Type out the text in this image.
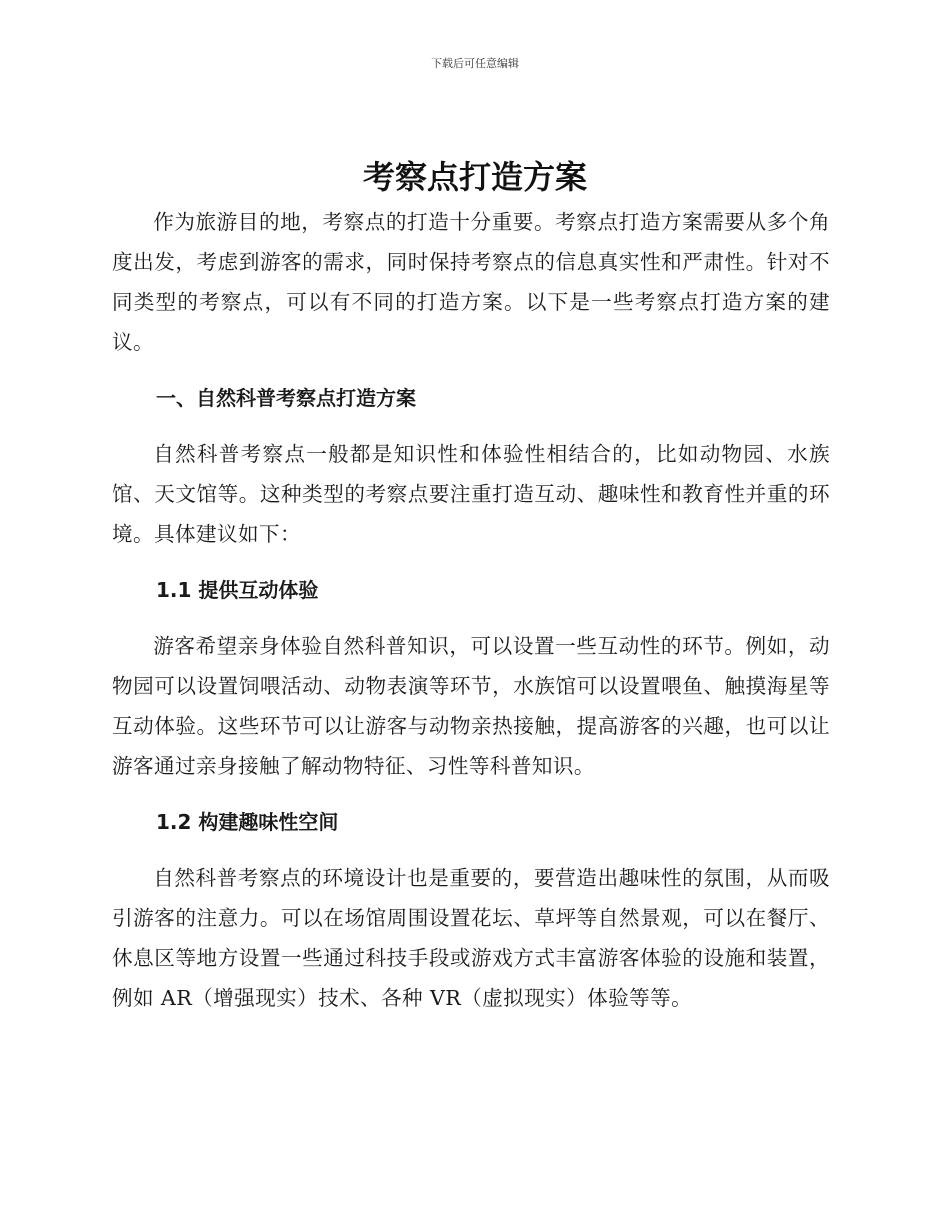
下载后可任意编辑
考察点打造方案

作为旅游目的地，考察点的打造十分重要。考察点打造方案需要从多个角度出发，考虑到游客的需求，同时保持考察点的信息真实性和严肃性。针对不同类型的考察点，可以有不同的打造方案。以下是一些考察点打造方案的建议。

一、自然科普考察点打造方案

自然科普考察点一般都是知识性和体验性相结合的，比如动物园、水族馆、天文馆等。这种类型的考察点要注重打造互动、趣味性和教育性并重的环境。具体建议如下：

1.1 提供互动体验

游客希望亲身体验自然科普知识，可以设置一些互动性的环节。例如，动物园可以设置饲喂活动、动物表演等环节，水族馆可以设置喂鱼、触摸海星等互动体验。这些环节可以让游客与动物亲热接触，提高游客的兴趣，也可以让游客通过亲身接触了解动物特征、习性等科普知识。

1.2 构建趣味性空间

自然科普考察点的环境设计也是重要的，要营造出趣味性的氛围，从而吸引游客的注意力。可以在场馆周围设置花坛、草坪等自然景观，可以在餐厅、休息区等地方设置一些通过科技手段或游戏方式丰富游客体验的设施和装置，例如 AR（增强现实）技术、各种 VR（虚拟现实）体验等等。
